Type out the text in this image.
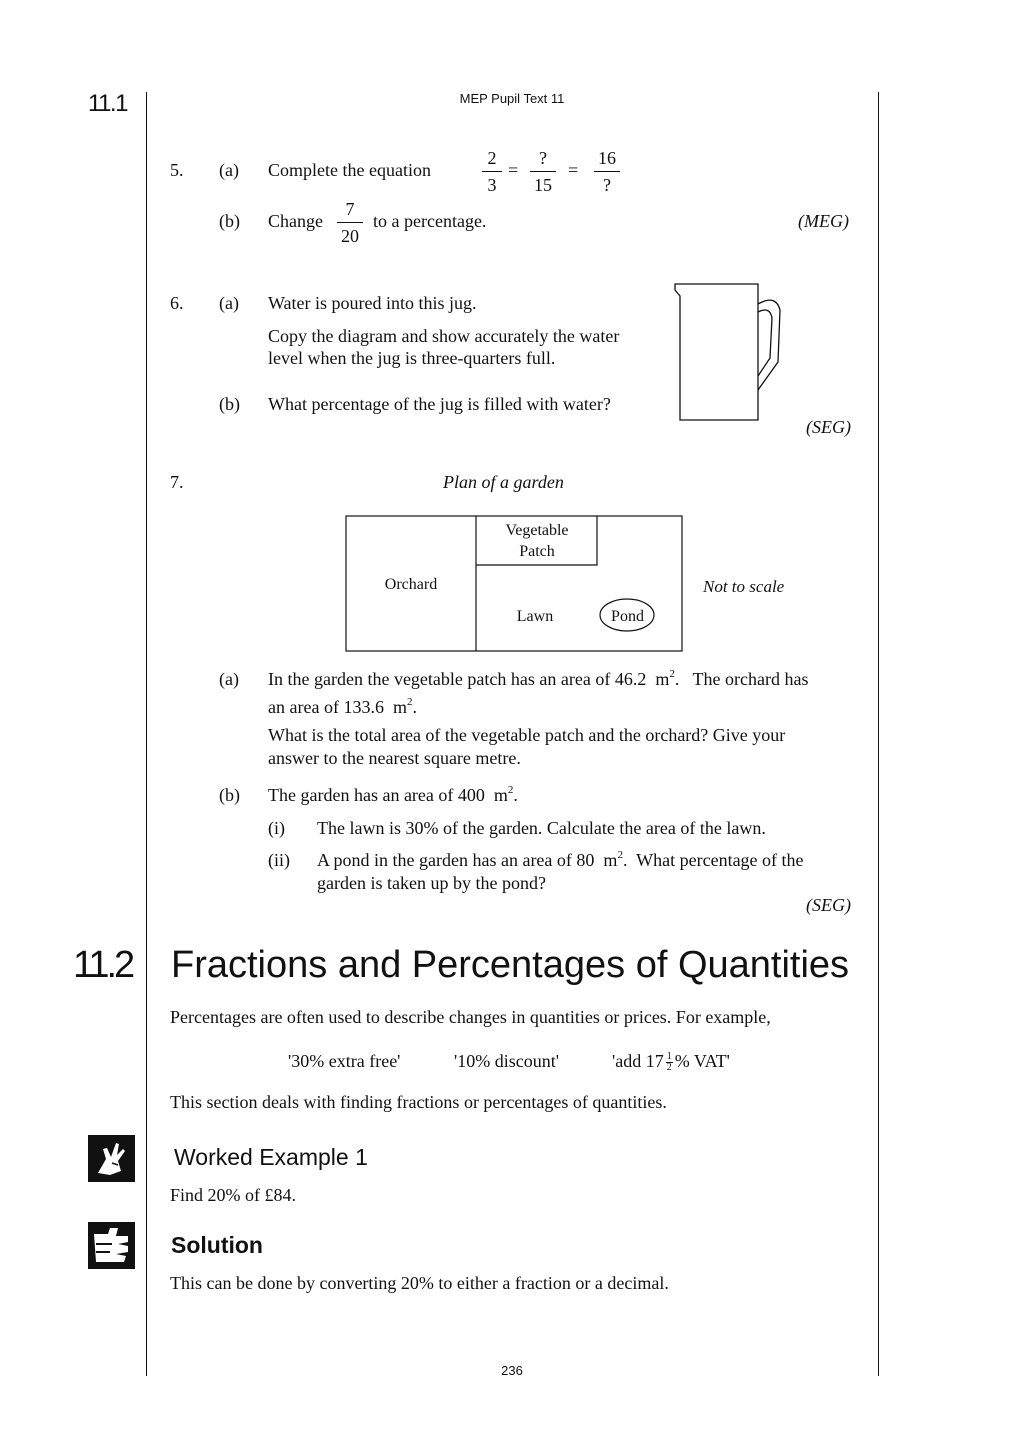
11.1	MEP Pupil Text 11
5. (a) Complete the equation	$\frac{2}{3}$ =
?
15
=
16
?
(b) Change $\frac{7}{20}$ to a percentage.	(MEG)
6. (a) Water is poured into this jug.
Copy the diagram and show accurately the water
level when the jug is three-quarters full.
(b) What percentage of the jug is filled with water?
(SEG)
7.	Plan of a garden
Vegetable
Patch
Orchard
Lawn	Pond
Not to scale
(a) In the garden the vegetable patch has an area of 46.2 $m^2$.   The orchard has
an area of 133.6 $m^2$.
What is the total area of the vegetable patch and the orchard? Give your
answer to the nearest square metre.
(b) The garden has an area of 400 $m^2$.
(i) The lawn is 30% of the garden. Calculate the area of the lawn.
(ii) A pond in the garden has an area of 80 $m^2$.  What percentage of the
garden is taken up by the pond?
(SEG)
11.2 Fractions and Percentages of Quantities
Percentages are often used to describe changes in quantities or prices. For example,
'30% extra free'	'10% discount'	'add $17 \frac{1}{2}$ % VAT'
This section deals with finding fractions or percentages of quantities.
Worked Example 1
Find 20% of £84.
Solution
This can be done by converting 20% to either a fraction or a decimal.
236
